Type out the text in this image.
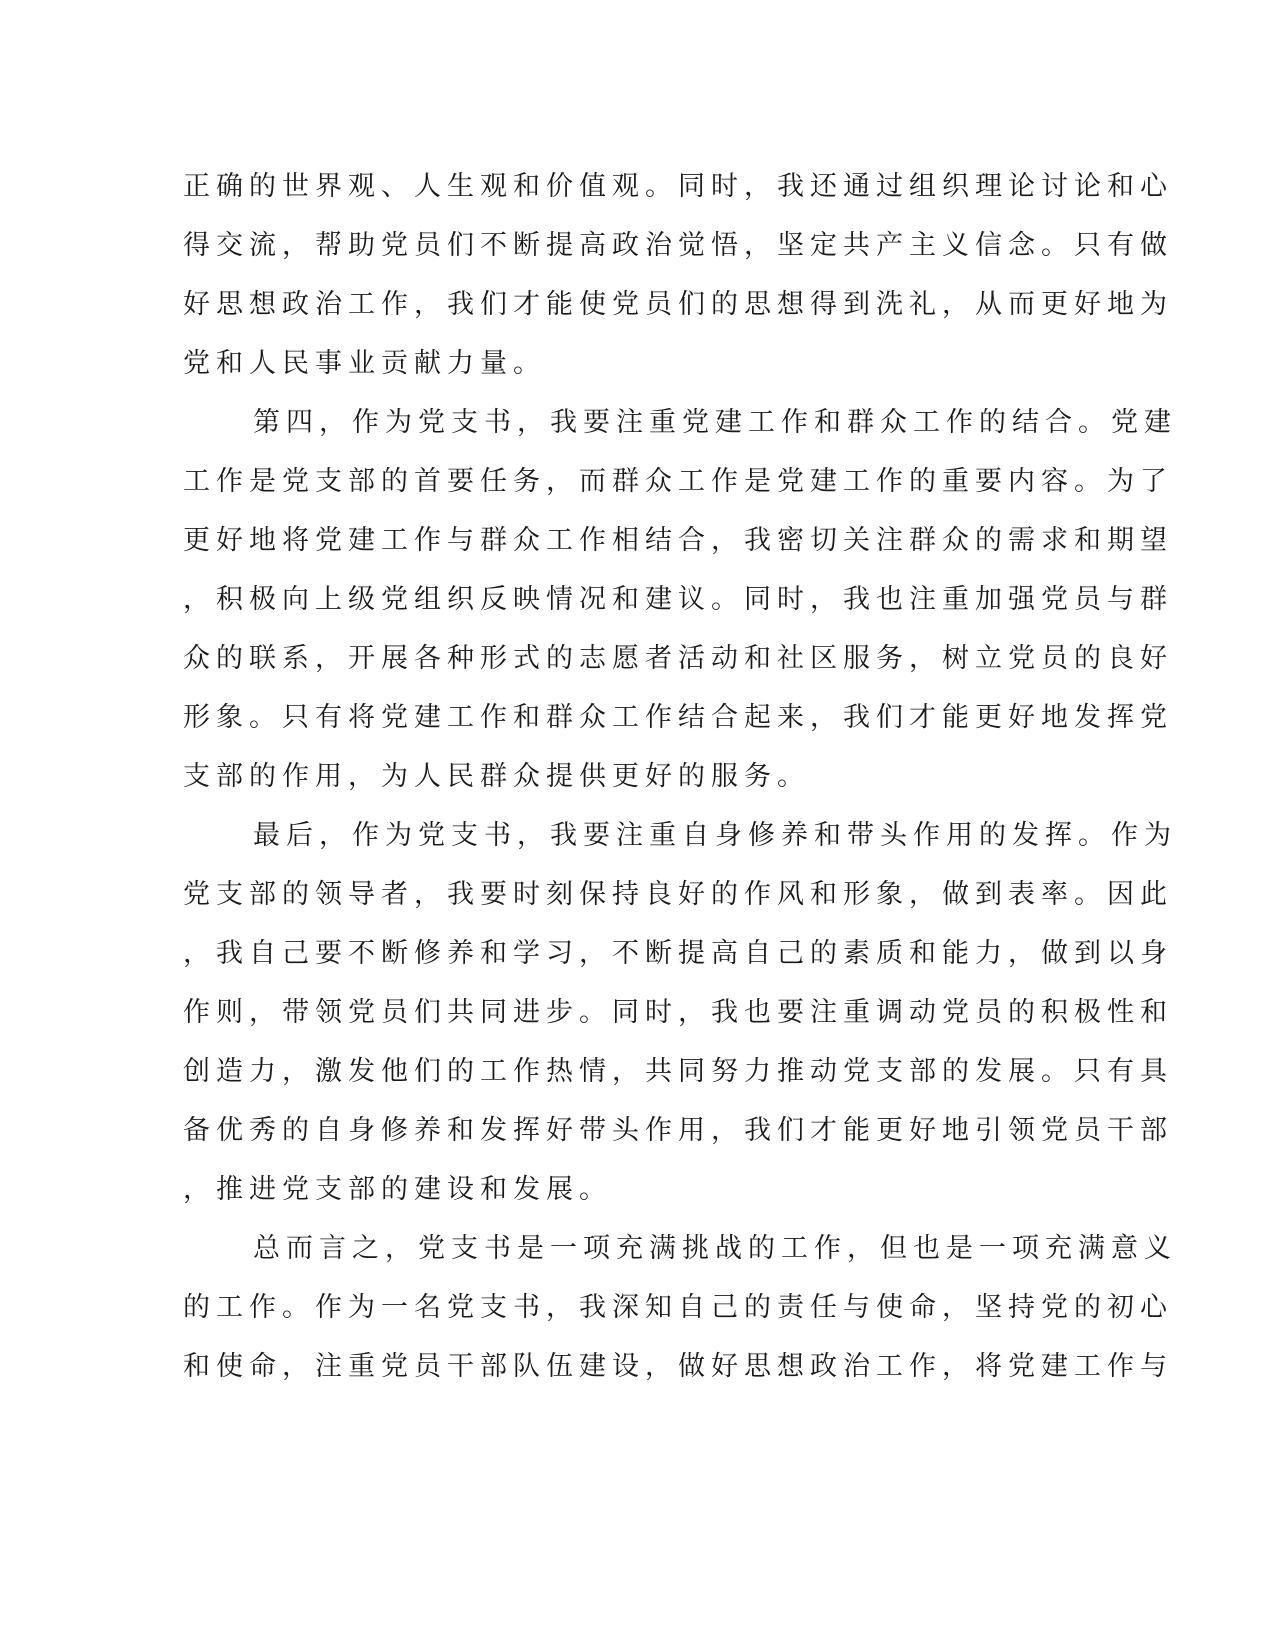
正确的世界观、人生观和价值观。同时，我还通过组织理论讨论和心
得交流，帮助党员们不断提高政治觉悟，坚定共产主义信念。只有做
好思想政治工作，我们才能使党员们的思想得到洗礼，从而更好地为
党和人民事业贡献力量。
第四，作为党支书，我要注重党建工作和群众工作的结合。党建
工作是党支部的首要任务，而群众工作是党建工作的重要内容。为了
更好地将党建工作与群众工作相结合，我密切关注群众的需求和期望
，积极向上级党组织反映情况和建议。同时，我也注重加强党员与群
众的联系，开展各种形式的志愿者活动和社区服务，树立党员的良好
形象。只有将党建工作和群众工作结合起来，我们才能更好地发挥党
支部的作用，为人民群众提供更好的服务。
最后，作为党支书，我要注重自身修养和带头作用的发挥。作为
党支部的领导者，我要时刻保持良好的作风和形象，做到表率。因此
，我自己要不断修养和学习，不断提高自己的素质和能力，做到以身
作则，带领党员们共同进步。同时，我也要注重调动党员的积极性和
创造力，激发他们的工作热情，共同努力推动党支部的发展。只有具
备优秀的自身修养和发挥好带头作用，我们才能更好地引领党员干部
，推进党支部的建设和发展。
总而言之，党支书是一项充满挑战的工作，但也是一项充满意义
的工作。作为一名党支书，我深知自己的责任与使命，坚持党的初心
和使命，注重党员干部队伍建设，做好思想政治工作，将党建工作与
